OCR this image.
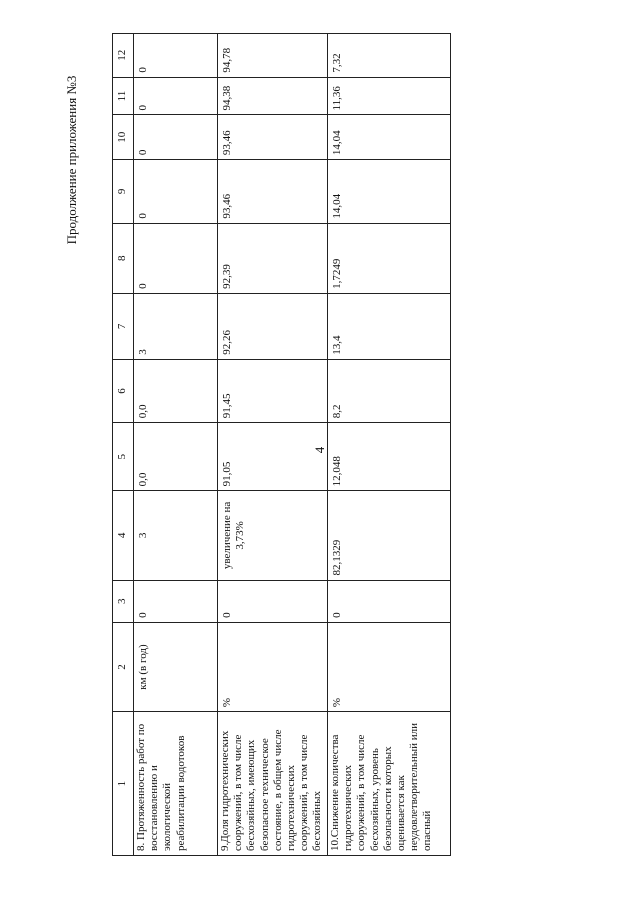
4
Продолжение приложения №3
1	2	3	4	5	6	7	8	9	10	11	12
8. Протяженность работ по восстановлению и экологической реабилитации водотоков	км (в год)	0	3	0,0	0,0	3	0	0	0	0	0
9.Доля гидротехнических сооружений, в том числе бесхозяйных, имеющих безопасное техническое состояние, в общем числе гидротехнических сооружений, в том числе бесхозяйных	%	0	увеличение на 3,73%	91,05	91,45	92,26	92,39	93,46	93,46	94,38	94,78
10.Снижение количества гидротехнических сооружений, в том числе бесхозяйных, уровень безопасности которых оценивается как неудовлетворительный или опасный	%	0	82,1329	12,048	8,2	13,4	1,7249	14,04	14,04	11,36	7,32
